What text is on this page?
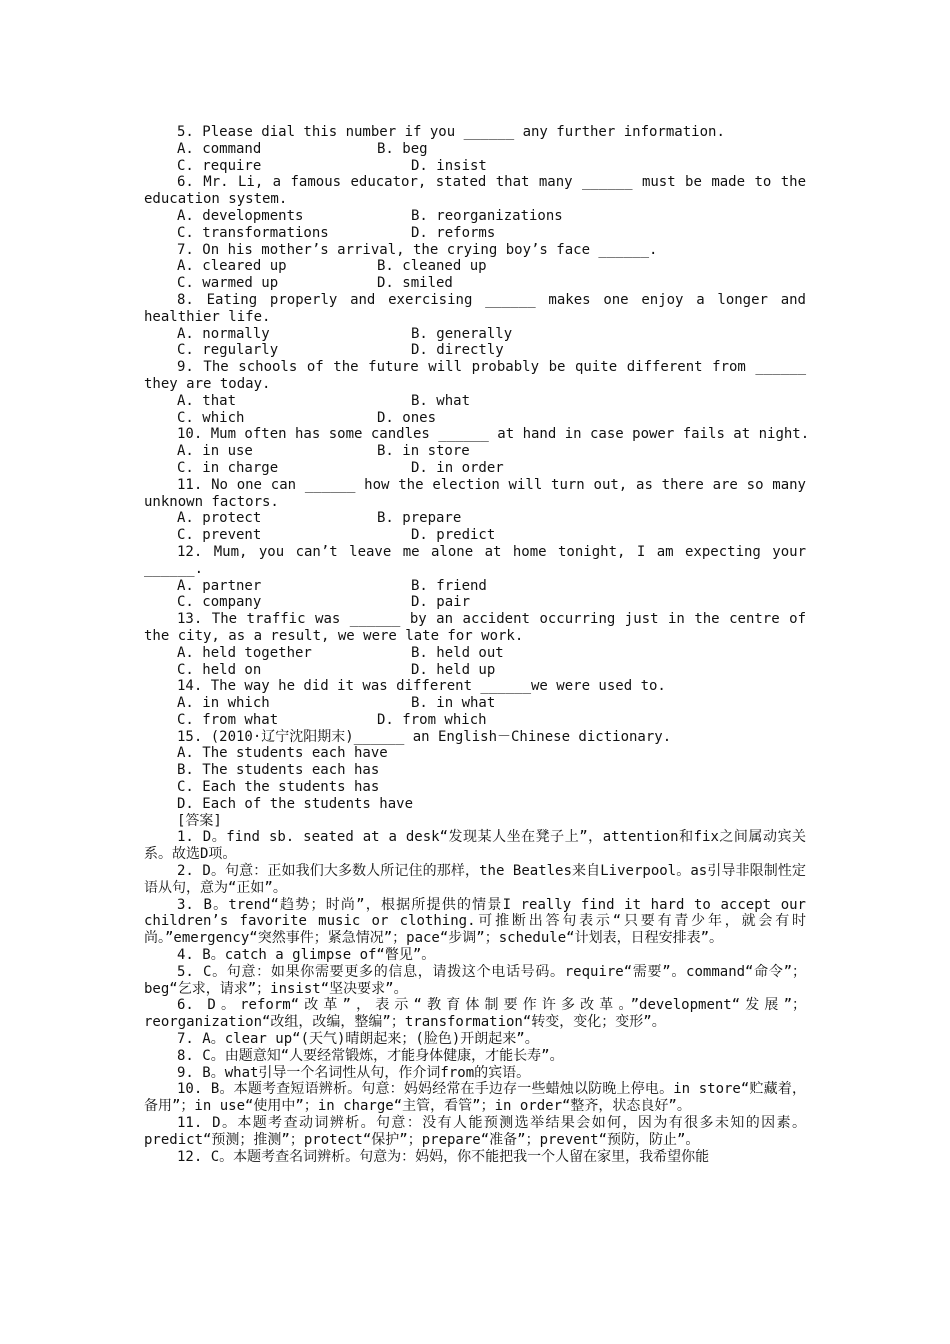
5. Please dial this number if you ______ any further information.
A. command	B. beg
C. require	D. insist
6. Mr. Li, a famous educator, stated that many ______ must be made to the
education system.
A. developments	B. reorganizations
C. transformations	D. reforms
7. On his mother’s arrival, the crying boy’s face ______.
A. cleared up	B. cleaned up
C. warmed up	D. smiled
8. Eating properly and exercising ______ makes one enjoy a longer and
healthier life.
A. normally	B. generally
C. regularly	D. directly
9. The schools of the future will probably be quite different from ______
they are today.
A. that	B. what
C. which	D. ones
10. Mum often has some candles ______ at hand in case power fails at night.
A. in use	B. in store
C. in charge	D. in order
11. No one can ______ how the election will turn out, as there are so many
unknown factors.
A. protect	B. prepare
C. prevent	D. predict
12. Mum, you can’t leave me alone at home tonight, I am expecting your
______.
A. partner	B. friend
C. company	D. pair
13. The traffic was ______ by an accident occurring just in the centre of
the city, as a result, we were late for work.
A. held together	B. held out
C. held on	D. held up
14. The way he did it was different ______we were used to.
A. in which	B. in what
C. from what	D. from which
15. (2010·辽宁沈阳期末)______ an English－Chinese dictionary.
A. The students each have
B. The students each has
C. Each the students has
D. Each of the students have
[答案]

1. D。find sb. seated at a desk“发现某人坐在凳子上”，attention和fix之间属动宾关系。故选D项。

2. D。句意：正如我们大多数人所记住的那样，the Beatles来自Liverpool。as引导非限制性定语从句，意为“正如”。

3. B。trend“趋势；时尚”，根据所提供的情景I really find it hard to accept our children’s favorite music or clothing.可推断出答句表示“只要有青少年，就会有时尚。”emergency“突然事件；紧急情况”；pace“步调”；schedule“计划表，日程安排表”。

4. B。catch a glimpse of“瞥见”。

5. C。句意：如果你需要更多的信息，请拨这个电话号码。require“需要”。command“命令”；beg“乞求，请求”；insist“坚决要求”。

6. D。reform“改革”，表示“教育体制要作许多改革。”development“发展”；reorganization“改组，改编，整编”；transformation“转变，变化；变形”。

7. A。clear up“(天气)晴朗起来；(脸色)开朗起来”。

8. C。由题意知“人要经常锻炼，才能身体健康，才能长寿”。

9. B。what引导一个名词性从句，作介词from的宾语。

10. B。本题考查短语辨析。句意：妈妈经常在手边存一些蜡烛以防晚上停电。in store“贮藏着，备用”；in use“使用中”；in charge“主管，看管”；in order“整齐，状态良好”。

11. D。本题考查动词辨析。句意：没有人能预测选举结果会如何，因为有很多未知的因素。predict“预测；推测”；protect“保护”；prepare“准备”；prevent“预防，防止”。

12. C。本题考查名词辨析。句意为：妈妈，你不能把我一个人留在家里，我希望你能
